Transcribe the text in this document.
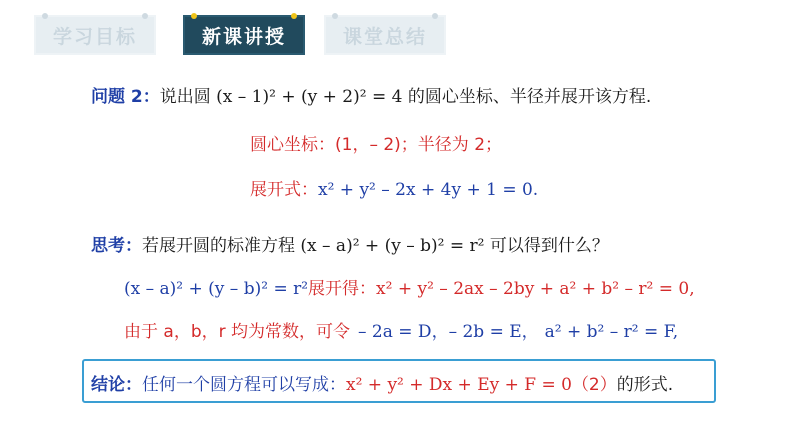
学习目标	新课讲授	课堂总结
问题 2：说出圆 (x – 1)² + (y + 2)² = 4 的圆心坐标、半径并展开该方程.
圆心坐标：(1，– 2)；半径为 2；
展开式：x² + y² – 2x + 4y + 1 = 0.
思考：若展开圆的标准方程 (x – a)² + (y – b)² = r² 可以得到什么？
(x – a)² + (y – b)² = r²展开得：x² + y² – 2ax – 2by + a² + b² – r² = 0,
由于 a，b，r 均为常数，可令 – 2a = D，– 2b = E， a² + b² – r² = F,
结论：任何一个圆方程可以写成：x² + y² + Dx + Ey + F = 0（2）的形式.
